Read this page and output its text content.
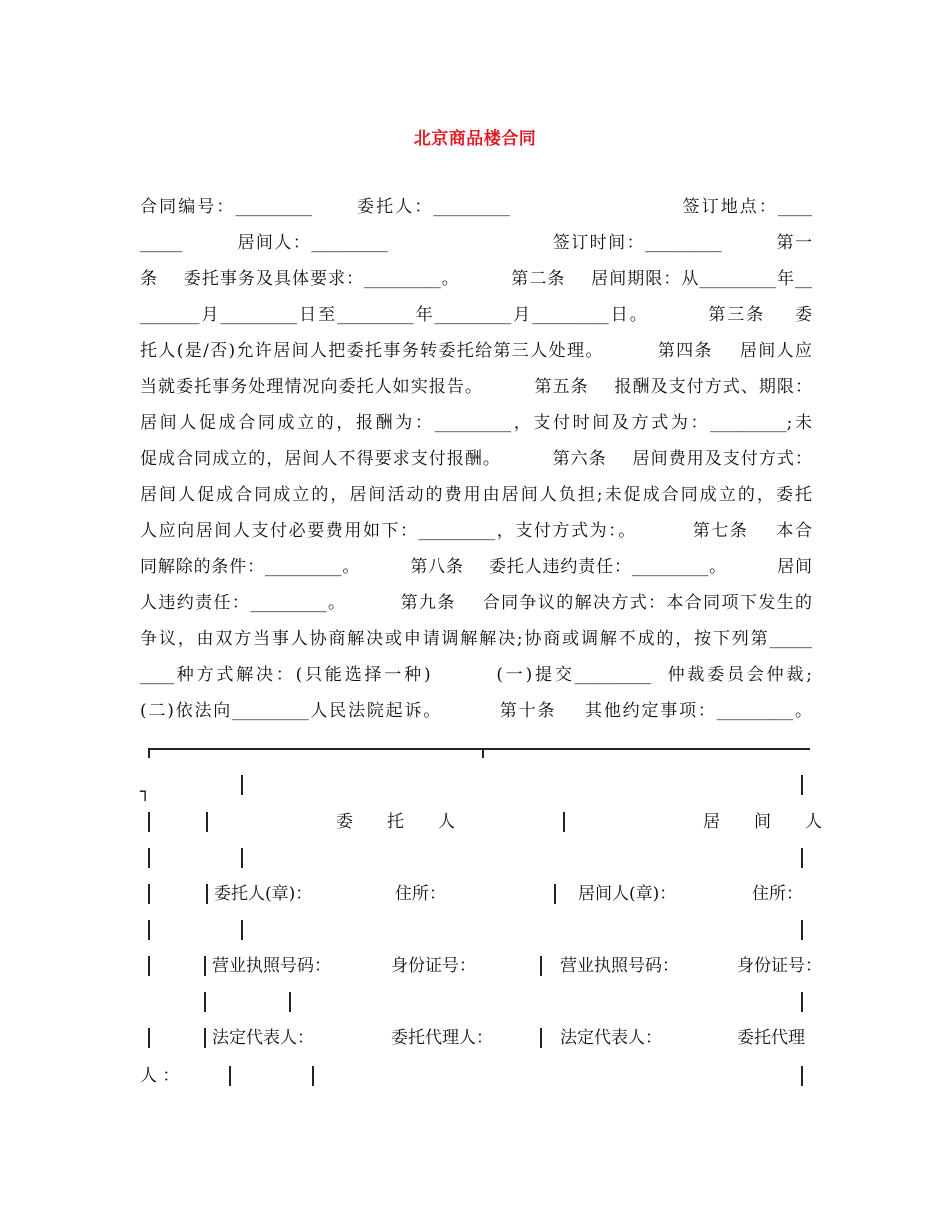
北京商品楼合同
合同编号：_________      委托人：_________                       签订地点：____
_____        居间人：_________                        签订时间：_________        第一
条    委托事务及具体要求：_________。        第二条    居间期限：从_________年__
_______月_________日至_________年_________月_________日。        第三条    委
托人(是/否)允许居间人把委托事务转委托给第三人处理。        第四条    居间人应
当就委托事务处理情况向委托人如实报告。        第五条    报酬及支付方式、期限：
居间人促成合同成立的，报酬为：_________，支付时间及方式为：_________;未
促成合同成立的，居间人不得要求支付报酬。        第六条    居间费用及支付方式：
居间人促成合同成立的，居间活动的费用由居间人负担;未促成合同成立的，委托
人应向居间人支付必要费用如下：_________，支付方式为：。        第七条    本合
同解除的条件：_________。        第八条    委托人违约责任：_________。        居间
人违约责任：_________。        第九条    合同争议的解决方式：本合同项下发生的
争议，由双方当事人协商解决或申请调解解决;协商或调解不成的，按下列第_____
____种方式解决：(只能选择一种)        (一)提交_________  仲裁委员会仲裁;
(二)依法向_________人民法院起诉。        第十条    其他约定事项：_________。
┐
委　　托　　人	居　　间　　人
委托人(章)：	住所：	居间人(章)：	住所：
营业执照号码：	身份证号：	营业执照号码：	身份证号：
法定代表人：	委托代理人：	法定代表人：	委托代理
人 ：
